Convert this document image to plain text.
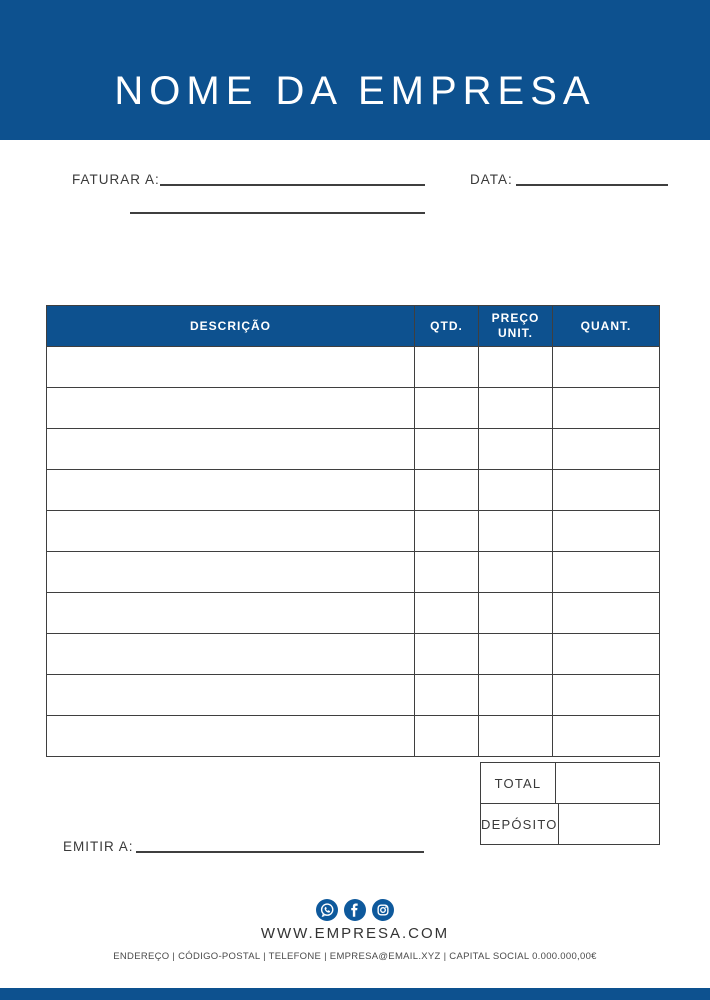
NOME DA EMPRESA
FATURAR A:	DATA:
DESCRIÇÃO	QTD.
PREÇO UNIT.
QUANT.
TOTAL
DEPÓSITO
EMITIR A:
WWW.EMPRESA.COM
ENDEREÇO | CÓDIGO-POSTAL | TELEFONE | EMPRESA@EMAIL.XYZ | CAPITAL SOCIAL 0.000.000,00€
